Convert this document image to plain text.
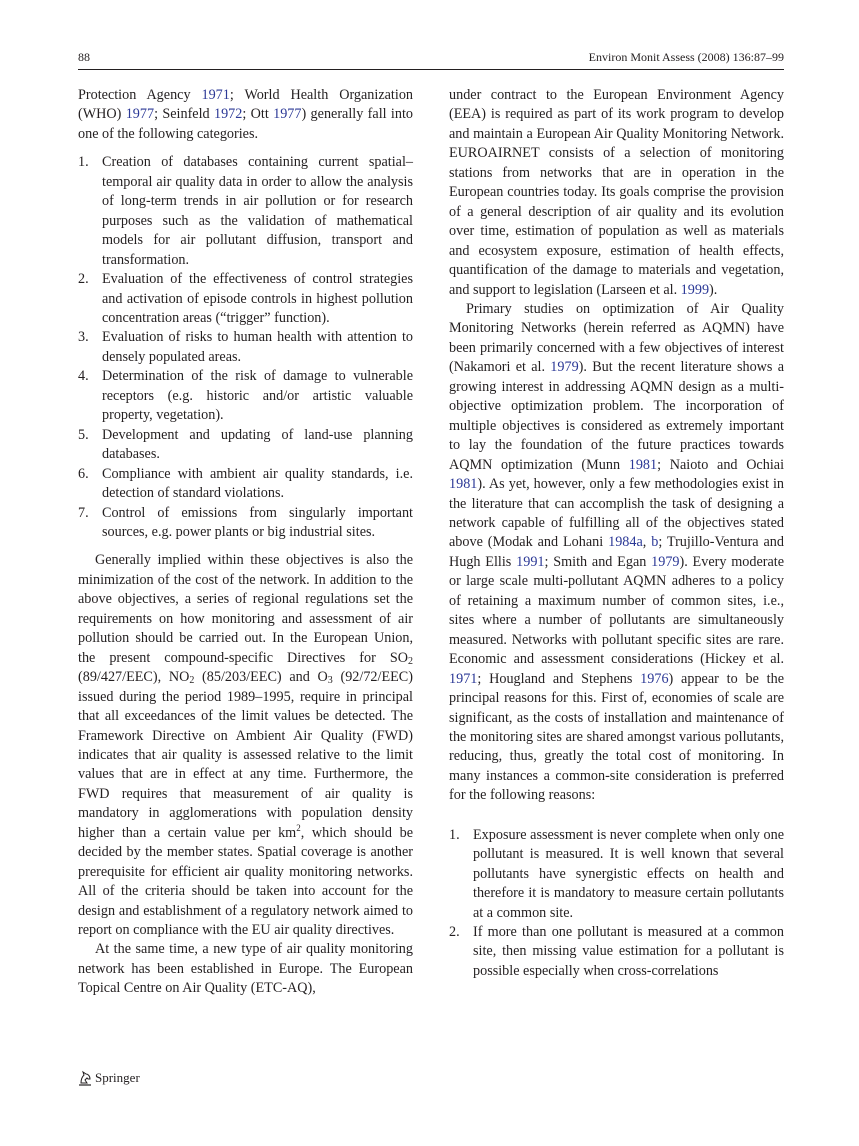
88	Environ Monit Assess (2008) 136:87–99

Protection Agency 1971; World Health Organization (WHO) 1977; Seinfeld 1972; Ott 1977) generally fall into one of the following categories.

1. Creation of databases containing current spatial–temporal air quality data in order to allow the analysis of long-term trends in air pollution or for research purposes such as the validation of mathematical models for air pollutant diffusion, transport and transformation.
2. Evaluation of the effectiveness of control strategies and activation of episode controls in highest pollution concentration areas (“trigger” function).
3. Evaluation of risks to human health with attention to densely populated areas.
4. Determination of the risk of damage to vulnerable receptors (e.g. historic and/or artistic valuable property, vegetation).
5. Development and updating of land-use planning databases.
6. Compliance with ambient air quality standards, i.e. detection of standard violations.
7. Control of emissions from singularly important sources, e.g. power plants or big industrial sites.

Generally implied within these objectives is also the minimization of the cost of the network. In addition to the above objectives, a series of regional regulations set the requirements on how monitoring and assessment of air pollution should be carried out. In the European Union, the present compound-specific Directives for $SO_2$ (89/427/EEC), $NO_2$ (85/203/EEC) and $O_3$ (92/72/EEC) issued during the period 1989–1995, require in principal that all exceedances of the limit values be detected. The Framework Directive on Ambient Air Quality (FWD) indicates that air quality is assessed relative to the limit values that are in effect at any time. Furthermore, the FWD requires that measurement of air quality is mandatory in agglomerations with population density higher than a certain value per $km^2$, which should be decided by the member states. Spatial coverage is another prerequisite for efficient air quality monitoring networks. All of the criteria should be taken into account for the design and establishment of a regulatory network aimed to report on compliance with the EU air quality directives.

At the same time, a new type of air quality monitoring network has been established in Europe. The European Topical Centre on Air Quality (ETC-AQ),

under contract to the European Environment Agency (EEA) is required as part of its work program to develop and maintain a European Air Quality Monitoring Network. EUROAIRNET consists of a selection of monitoring stations from networks that are in operation in the European countries today. Its goals comprise the provision of a general description of air quality and its evolution over time, estimation of population as well as materials and ecosystem exposure, estimation of health effects, quantification of the damage to materials and vegetation, and support to legislation (Larseen et al. 1999).

Primary studies on optimization of Air Quality Monitoring Networks (herein referred as AQMN) have been primarily concerned with a few objectives of interest (Nakamori et al. 1979). But the recent literature shows a growing interest in addressing AQMN design as a multi-objective optimization problem. The incorporation of multiple objectives is considered as extremely important to lay the foundation of the future practices towards AQMN optimization (Munn 1981; Naioto and Ochiai 1981). As yet, however, only a few methodologies exist in the literature that can accomplish the task of designing a network capable of fulfilling all of the objectives stated above (Modak and Lohani 1984a, b; Trujillo-Ventura and Hugh Ellis 1991; Smith and Egan 1979). Every moderate or large scale multi-pollutant AQMN adheres to a policy of retaining a maximum number of common sites, i.e., sites where a number of pollutants are simultaneously measured. Networks with pollutant specific sites are rare. Economic and assessment considerations (Hickey et al. 1971; Hougland and Stephens 1976) appear to be the principal reasons for this. First of, economies of scale are significant, as the costs of installation and maintenance of the monitoring sites are shared amongst various pollutants, reducing, thus, greatly the total cost of monitoring. In many instances a common-site consideration is preferred for the following reasons:

1. Exposure assessment is never complete when only one pollutant is measured. It is well known that several pollutants have synergistic effects on health and therefore it is mandatory to measure certain pollutants at a common site.
2. If more than one pollutant is measured at a common site, then missing value estimation for a pollutant is possible especially when cross-correlations
Springer
